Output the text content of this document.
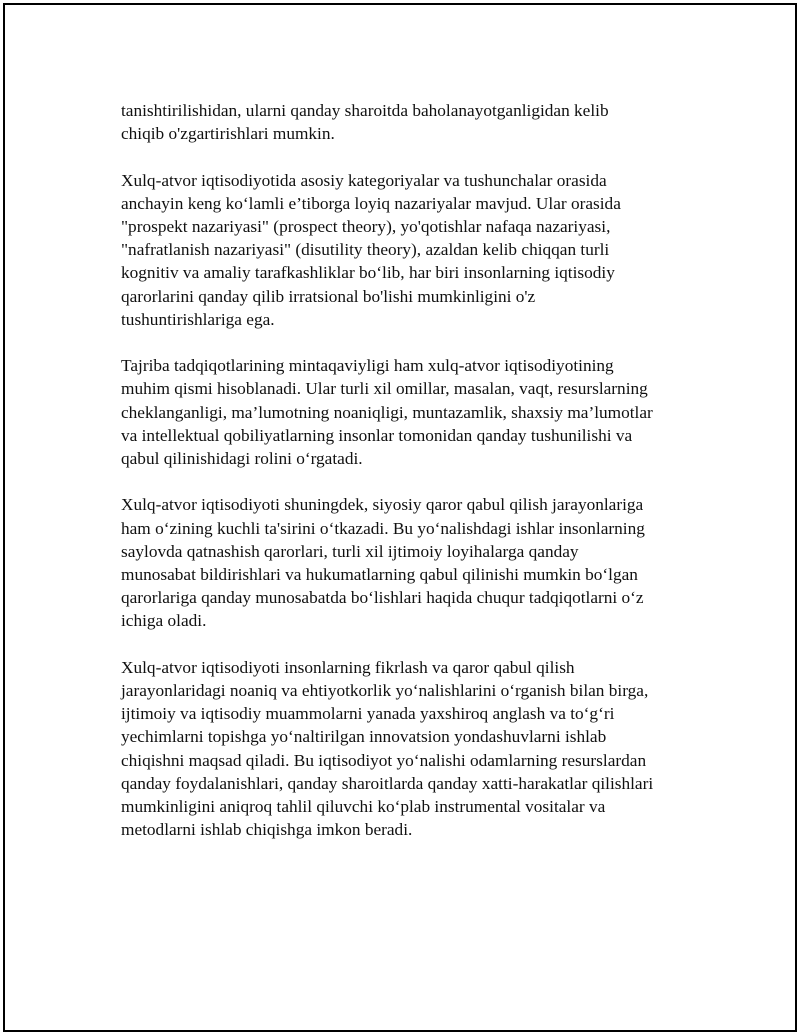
tanishtirilishidan, ularni qanday sharoitda baholanayotganligidan kelib
chiqib o'zgartirishlari mumkin.

Xulq-atvor iqtisodiyotida asosiy kategoriyalar va tushunchalar orasida
anchayin keng ko‘lamli e’tiborga loyiq nazariyalar mavjud. Ular orasida
"prospekt nazariyasi" (prospect theory), yo'qotishlar nafaqa nazariyasi,
"nafratlanish nazariyasi" (disutility theory), azaldan kelib chiqqan turli
kognitiv va amaliy tarafkashliklar bo‘lib, har biri insonlarning iqtisodiy
qarorlarini qanday qilib irratsional bo'lishi mumkinligini o'z
tushuntirishlariga ega.

Tajriba tadqiqotlarining mintaqaviyligi ham xulq-atvor iqtisodiyotining
muhim qismi hisoblanadi. Ular turli xil omillar, masalan, vaqt, resurslarning
cheklanganligi, ma’lumotning noaniqligi, muntazamlik, shaxsiy ma’lumotlar
va intellektual qobiliyatlarning insonlar tomonidan qanday tushunilishi va
qabul qilinishidagi rolini o‘rgatadi.

Xulq-atvor iqtisodiyoti shuningdek, siyosiy qaror qabul qilish jarayonlariga
ham o‘zining kuchli ta'sirini o‘tkazadi. Bu yo‘nalishdagi ishlar insonlarning
saylovda qatnashish qarorlari, turli xil ijtimoiy loyihalarga qanday
munosabat bildirishlari va hukumatlarning qabul qilinishi mumkin bo‘lgan
qarorlariga qanday munosabatda bo‘lishlari haqida chuqur tadqiqotlarni o‘z
ichiga oladi.

Xulq-atvor iqtisodiyoti insonlarning fikrlash va qaror qabul qilish
jarayonlaridagi noaniq va ehtiyotkorlik yo‘nalishlarini o‘rganish bilan birga,
ijtimoiy va iqtisodiy muammolarni yanada yaxshiroq anglash va to‘g‘ri
yechimlarni topishga yo‘naltirilgan innovatsion yondashuvlarni ishlab
chiqishni maqsad qiladi. Bu iqtisodiyot yo‘nalishi odamlarning resurslardan
qanday foydalanishlari, qanday sharoitlarda qanday xatti-harakatlar qilishlari
mumkinligini aniqroq tahlil qiluvchi ko‘plab instrumental vositalar va
metodlarni ishlab chiqishga imkon beradi.
